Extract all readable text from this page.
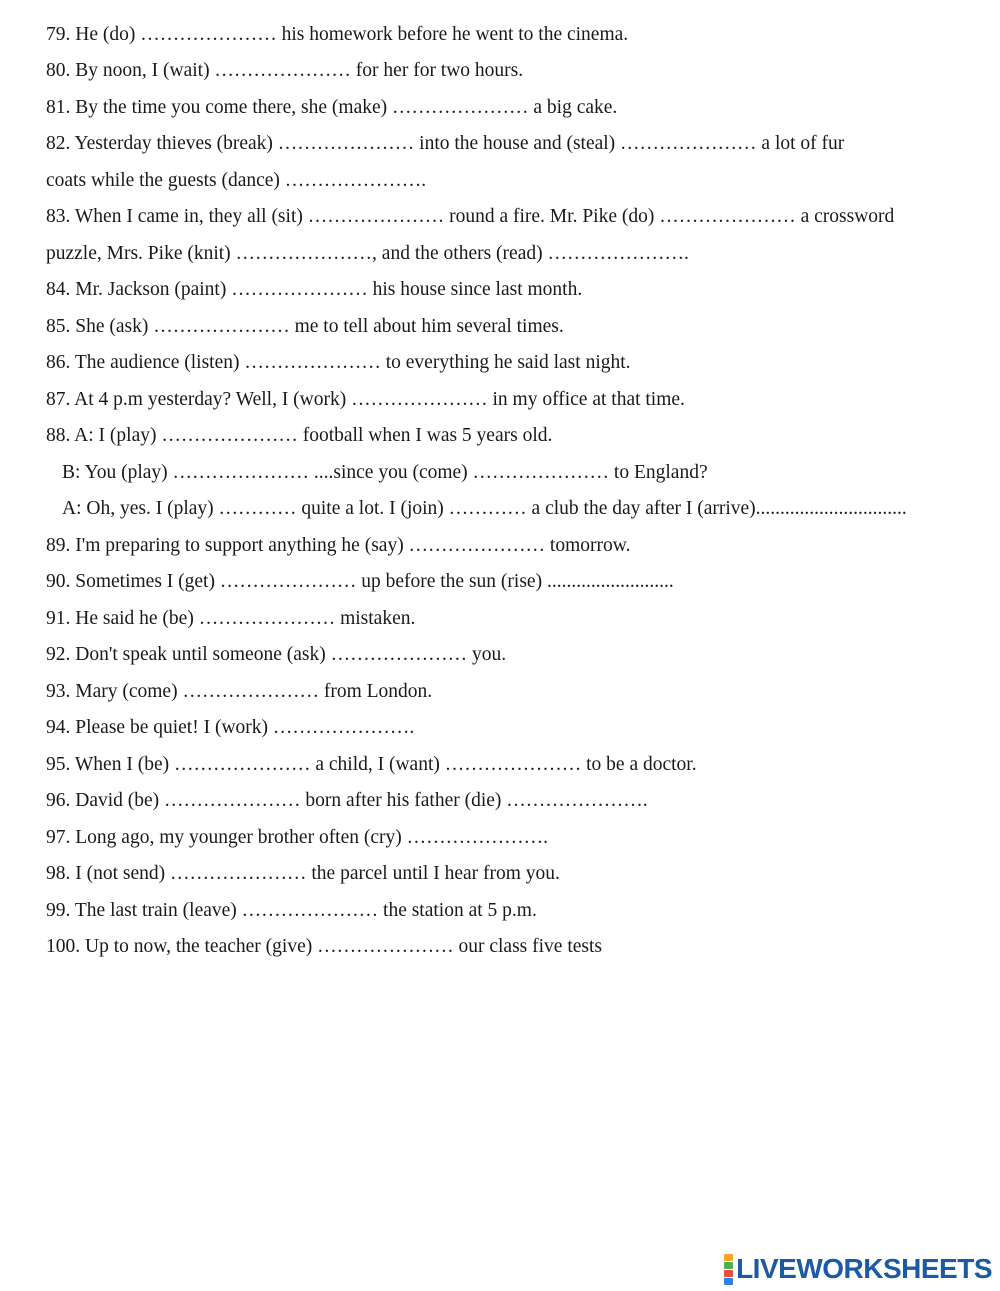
79. He (do) ………………… his homework before he went to the cinema.
80. By noon, I (wait) ………………… for her for two hours.
81. By the time you come there, she (make) ………………… a big cake.
82. Yesterday thieves (break) ………………… into the house and (steal) ………………… a lot of fur
coats while the guests (dance) ………………….
83. When I came in, they all (sit) ………………… round a fire. Mr. Pike (do) ………………… a crossword
puzzle, Mrs. Pike (knit) …………………, and the others (read) ………………….
84. Mr. Jackson (paint) ………………… his house since last month.
85. She (ask) ………………… me to tell about him several times.
86. The audience (listen) ………………… to everything he said last night.
87. At 4 p.m yesterday? Well, I (work) ………………… in my office at that time.
88. A: I (play) ………………… football when I was 5 years old.
B: You (play) ………………… ....since you (come) ………………… to England?
A: Oh, yes. I (play) ………… quite a lot. I (join) ………… a club the day after I (arrive)...............................
89. I'm preparing to support anything he (say) ………………… tomorrow.
90. Sometimes I (get) ………………… up before the sun (rise) ..........................
91. He said he (be) ………………… mistaken.
92. Don't speak until someone (ask) ………………… you.
93. Mary (come) ………………… from London.
94. Please be quiet! I (work) ………………….
95. When I (be) ………………… a child, I (want) ………………… to be a doctor.
96. David (be) ………………… born after his father (die) ………………….
97. Long ago, my younger brother often (cry) ………………….
98. I (not send) ………………… the parcel until I hear from you.
99. The last train (leave) ………………… the station at 5 p.m.
100. Up to now, the teacher (give) ………………… our class five tests
LIVEWORKSHEETS
